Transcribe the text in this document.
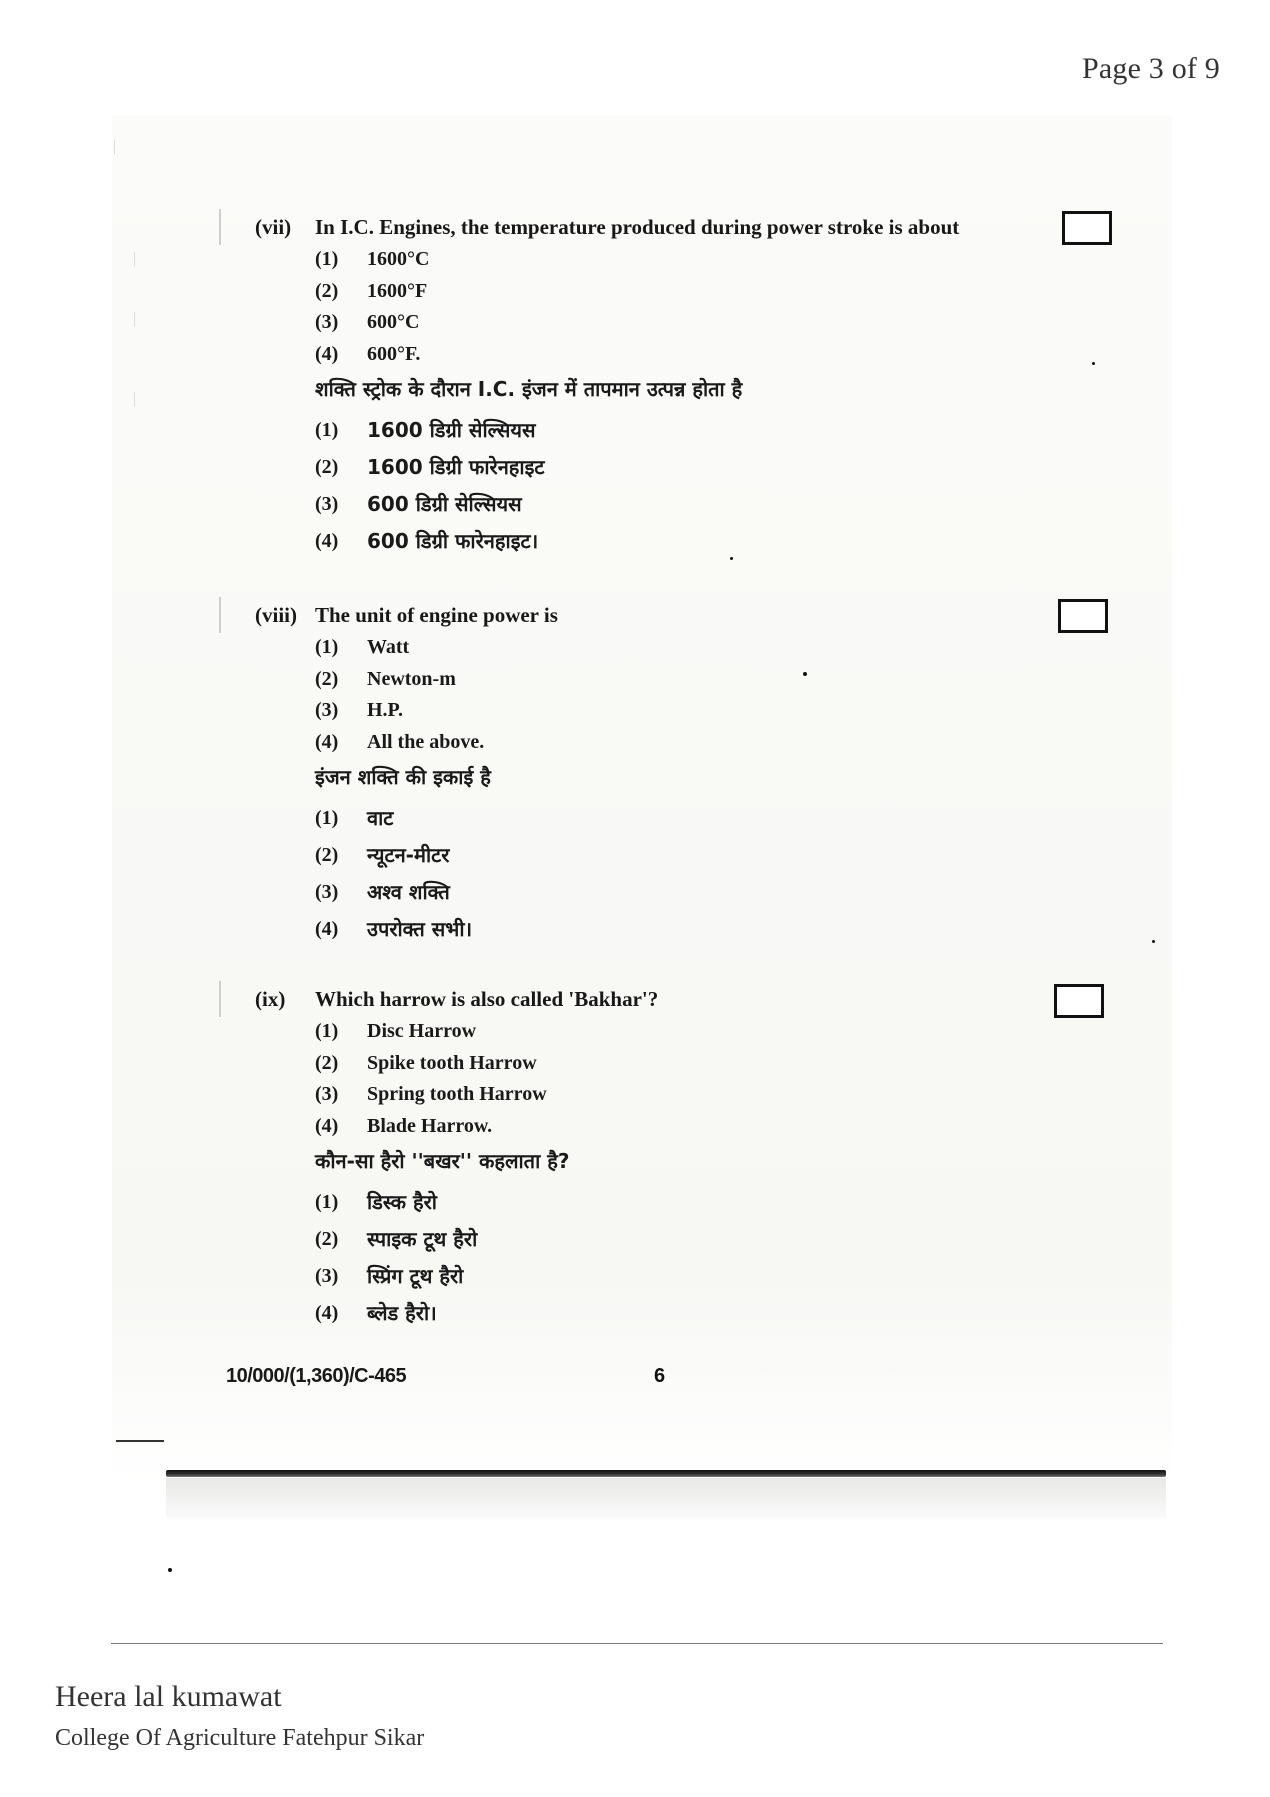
Page 3 of 9
|
|
|
|
(vii)	In I.C. Engines, the temperature produced during power stroke is about
(1)	1600°C
(2)	1600°F
(3)	600°C
(4)	600°F.
शक्ति स्ट्रोक के दौरान I.C. इंजन में तापमान उत्पन्न होता है
(1)	1600 डिग्री सेल्सियस
(2)	1600 डिग्री फारेनहाइट
(3)	600 डिग्री सेल्सियस
(4)	600 डिग्री फारेनहाइट।
(viii) The unit of engine power is
(1)	Watt
(2)	Newton-m
(3)	H.P.
(4)	All the above.
इंजन शक्ति की इकाई है
(1)	वाट
(2)	न्यूटन-मीटर
(3)	अश्व शक्ति
(4)	उपरोक्त सभी।
(ix)	Which harrow is also called 'Bakhar'?
(1)	Disc Harrow
(2)	Spike tooth Harrow
(3)	Spring tooth Harrow
(4)	Blade Harrow.
कौन-सा हैरो ''बखर'' कहलाता है?
(1)	डिस्क हैरो
(2)	स्पाइक टूथ हैरो
(3)	स्प्रिंग टूथ हैरो
(4)	ब्लेड हैरो।
10/000/(1,360)/C-465	6
Heera lal kumawat
College Of Agriculture Fatehpur Sikar
